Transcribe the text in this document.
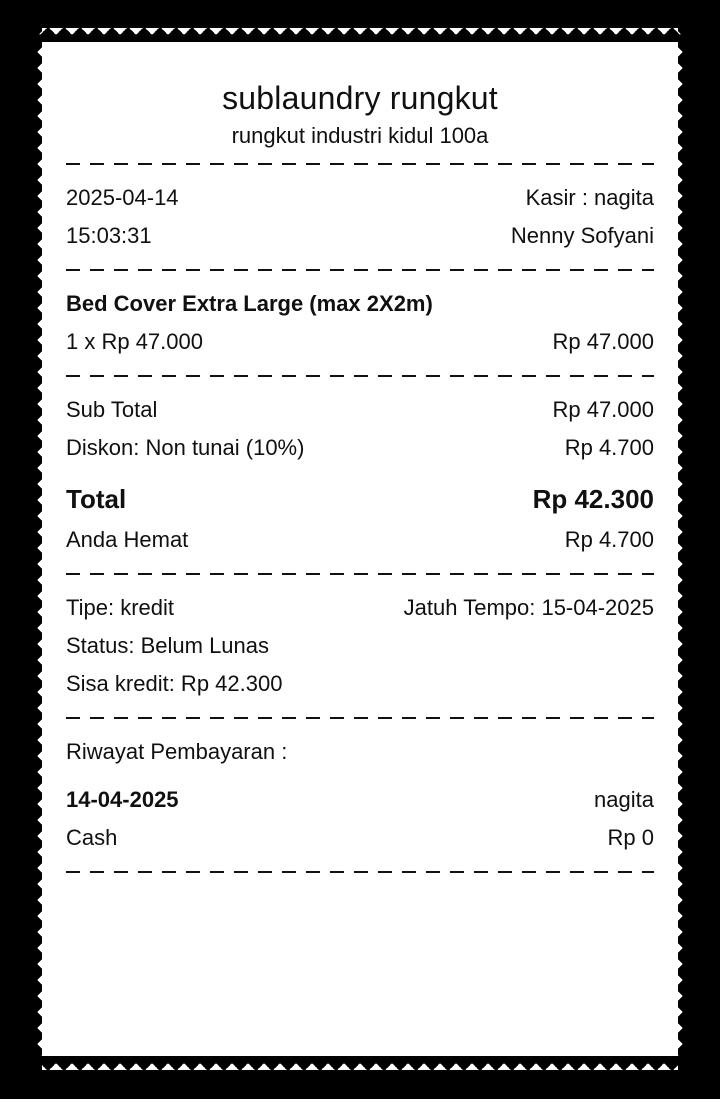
sublaundry rungkut
rungkut industri kidul 100a
2025-04-14	Kasir : nagita
15:03:31	Nenny Sofyani
Bed Cover Extra Large (max 2X2m)
1 x Rp 47.000	Rp 47.000
Sub Total	Rp 47.000
Diskon: Non tunai (10%)	Rp 4.700
Total	Rp 42.300
Anda Hemat	Rp 4.700
Tipe: kredit	Jatuh Tempo: 15-04-2025
Status: Belum Lunas
Sisa kredit: Rp 42.300
Riwayat Pembayaran :
14-04-2025	nagita
Cash	Rp 0
